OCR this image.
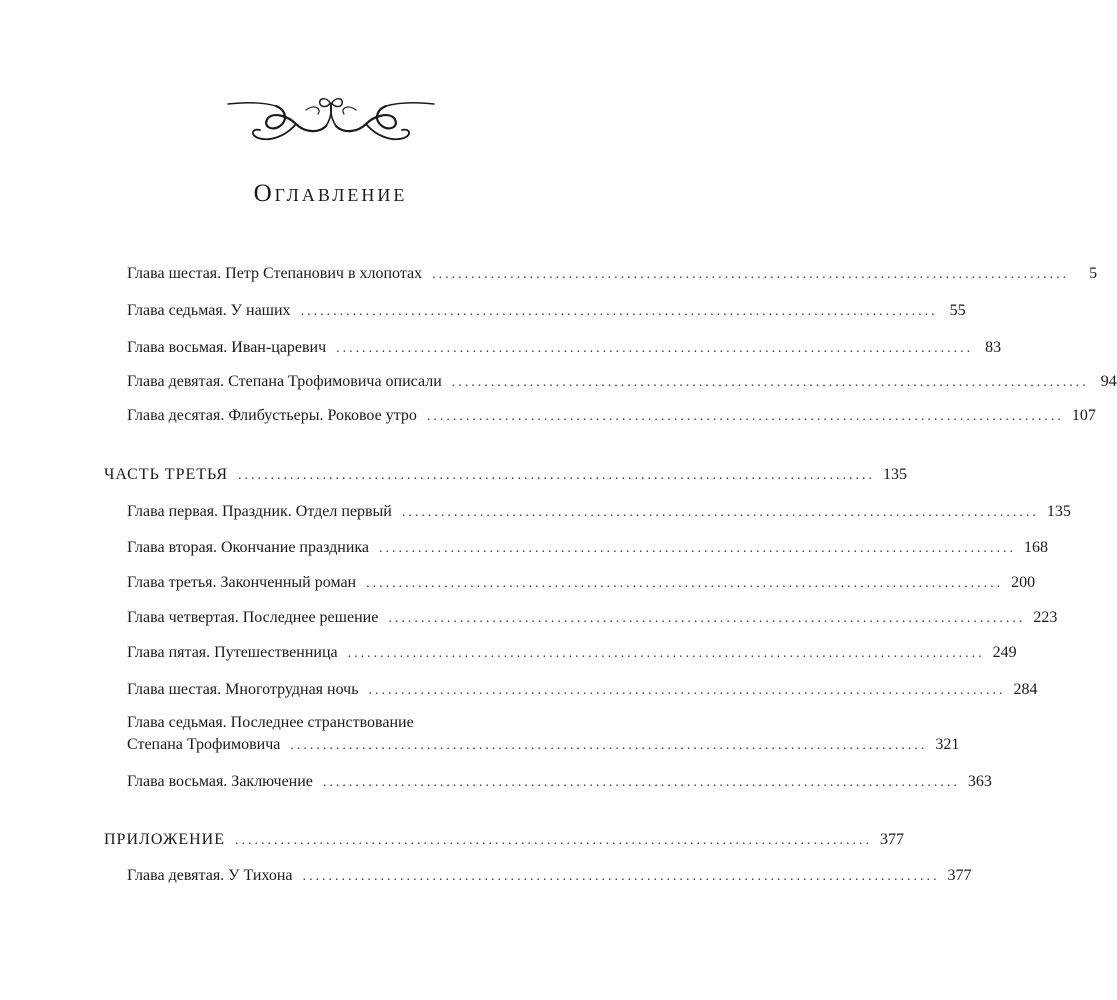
Оглавление
Глава шестая. Петр Степанович в хлопотах ..................................................................................................	5
Глава седьмая. У наших .................................................................................................. 55
Глава восьмая. Иван-царевич .................................................................................................. 83
Глава девятая. Степана Трофимовича описали .................................................................................................. 94
Глава десятая. Флибустьеры. Роковое утро .................................................................................................. 107
ЧАСТЬ ТРЕТЬЯ .................................................................................................. 135
Глава первая. Праздник. Отдел первый .................................................................................................. 135
Глава вторая. Окончание праздника .................................................................................................. 168
Глава третья. Законченный роман .................................................................................................. 200
Глава четвертая. Последнее решение .................................................................................................. 223
Глава пятая. Путешественница .................................................................................................. 249
Глава шестая. Многотрудная ночь .................................................................................................. 284
Глава седьмая. Последнее странствование
Степана Трофимовича .................................................................................................. 321
Глава восьмая. Заключение .................................................................................................. 363
ПРИЛОЖЕНИЕ .................................................................................................. 377
Глава девятая. У Тихона .................................................................................................. 377
